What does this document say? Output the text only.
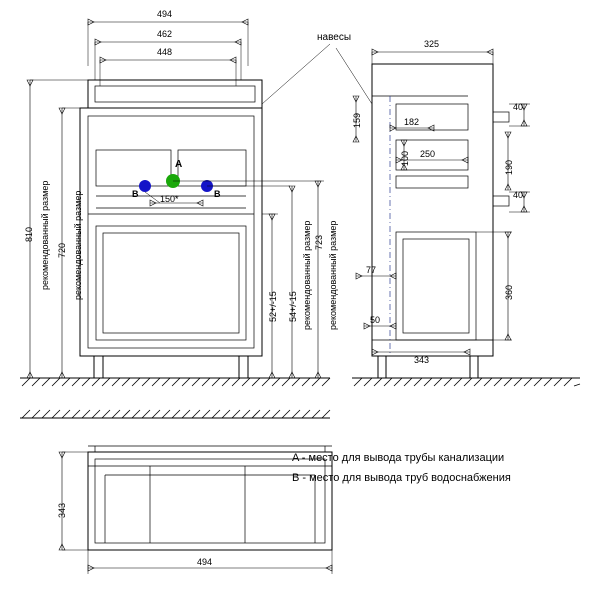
494
462
448
150*
навесы
A
B	B
810 рекомендованный размер 720 рекомендованный размер
52+/-15 54+/-15 рекомендованный размер рекомендованный размер
723
325
159	182
100 250
40
190
40
77
360
50
343
343
494
A - место для вывода трубы канализации
B - место для вывода труб водоснабжения
